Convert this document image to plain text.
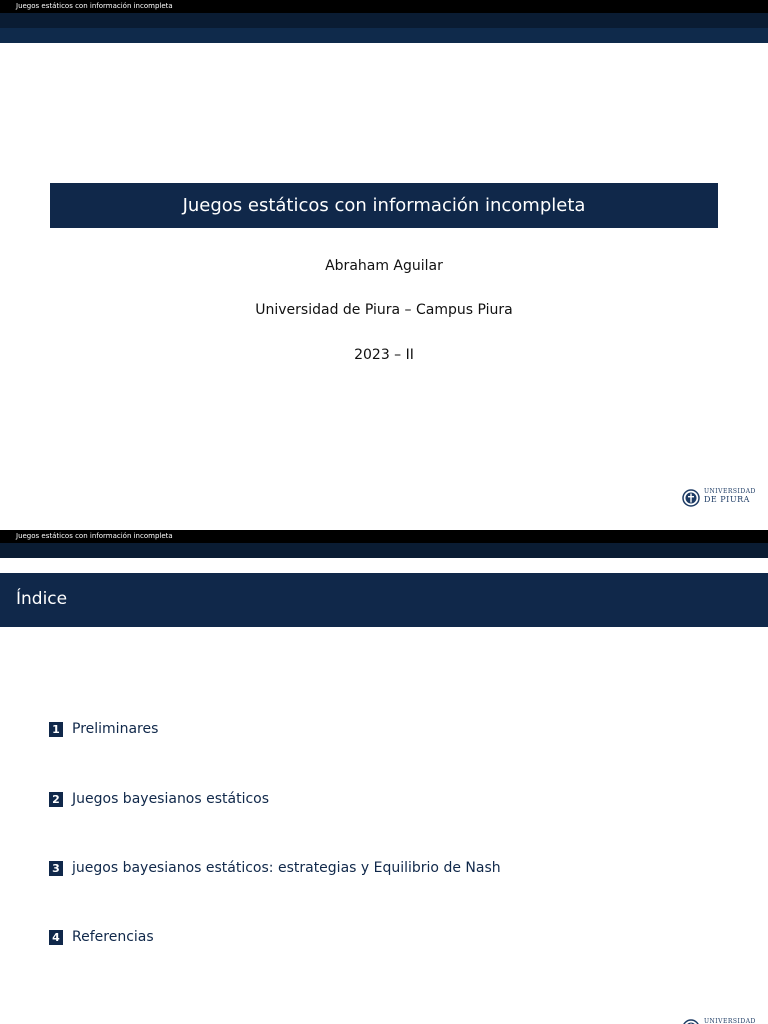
Juegos estáticos con información incompleta
Juegos estáticos con información incompleta
Abraham Aguilar
Universidad de Piura – Campus Piura
2023 – II
UNIVERSIDAD
DE PIURA
Juegos estáticos con información incompleta
Índice
1 Preliminares
2 Juegos bayesianos estáticos
3 juegos bayesianos estáticos: estrategias y Equilibrio de Nash
4 Referencias
UNIVERSIDAD
